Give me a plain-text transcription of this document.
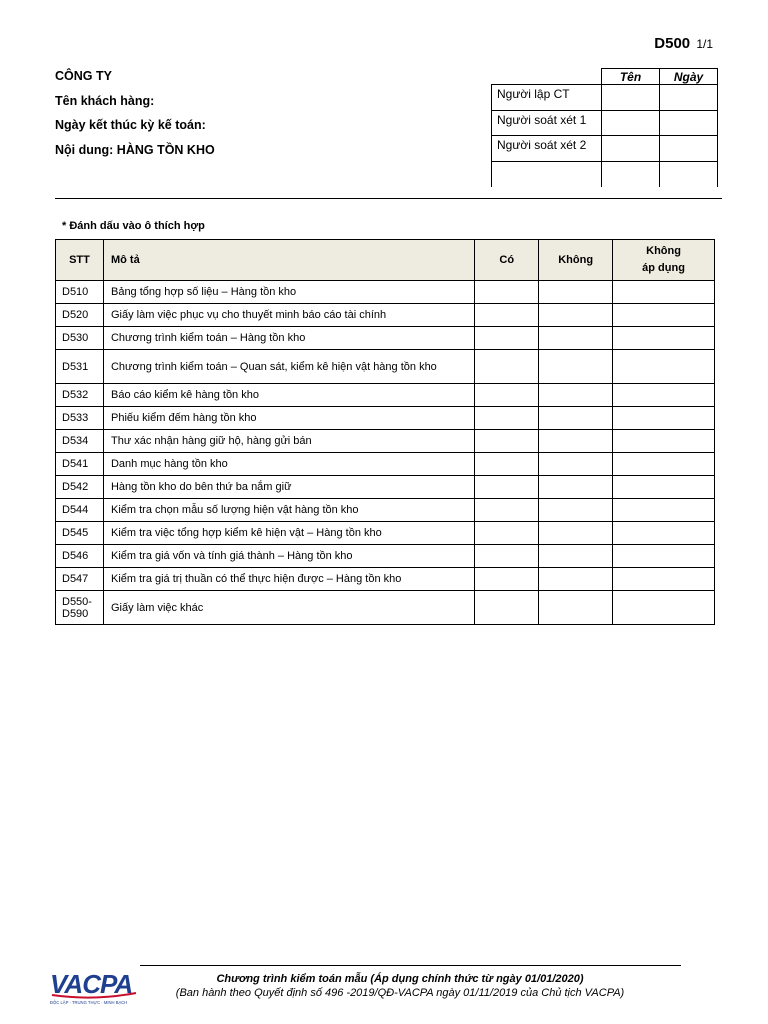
D500 1/1
CÔNG TY
Tên khách hàng:
Ngày kết thúc kỳ kế toán:
Nội dung: HÀNG TỒN KHO
	Tên	Ngày
Người lập CT		
Người soát xét 1		
Người soát xét 2		

* Đánh dấu vào ô thích hợp
STT	Mô tả	Có	Không	Không
áp dụng
D510	Bảng tổng hợp số liệu – Hàng tồn kho			
D520	Giấy làm việc phục vụ cho thuyết minh báo cáo tài chính			
D530	Chương trình kiểm toán – Hàng tồn kho			
D531	Chương trình kiểm toán – Quan sát, kiểm kê hiện vật hàng tồn kho			
D532	Báo cáo kiểm kê hàng tồn kho			
D533	Phiếu kiểm đếm hàng tồn kho			
D534	Thư xác nhận hàng giữ hộ, hàng gửi bán			
D541	Danh mục hàng tồn kho			
D542	Hàng tồn kho do bên thứ ba nắm giữ			
D544	Kiểm tra chọn mẫu số lượng hiện vật hàng tồn kho			
D545	Kiểm tra việc tổng hợp kiểm kê hiện vật – Hàng tồn kho			
D546	Kiểm tra giá vốn và tính giá thành – Hàng tồn kho			
D547	Kiểm tra giá trị thuần có thể thực hiện được – Hàng tồn kho			
D550-
D590	Giấy làm việc khác			
VACPA
ĐỘC LẬP · TRUNG THỰC · MINH BẠCH
Chương trình kiểm toán mẫu (Áp dụng chính thức từ ngày 01/01/2020)
(Ban hành theo Quyết định số 496 -2019/QĐ-VACPA ngày 01/11/2019 của Chủ tịch VACPA)
